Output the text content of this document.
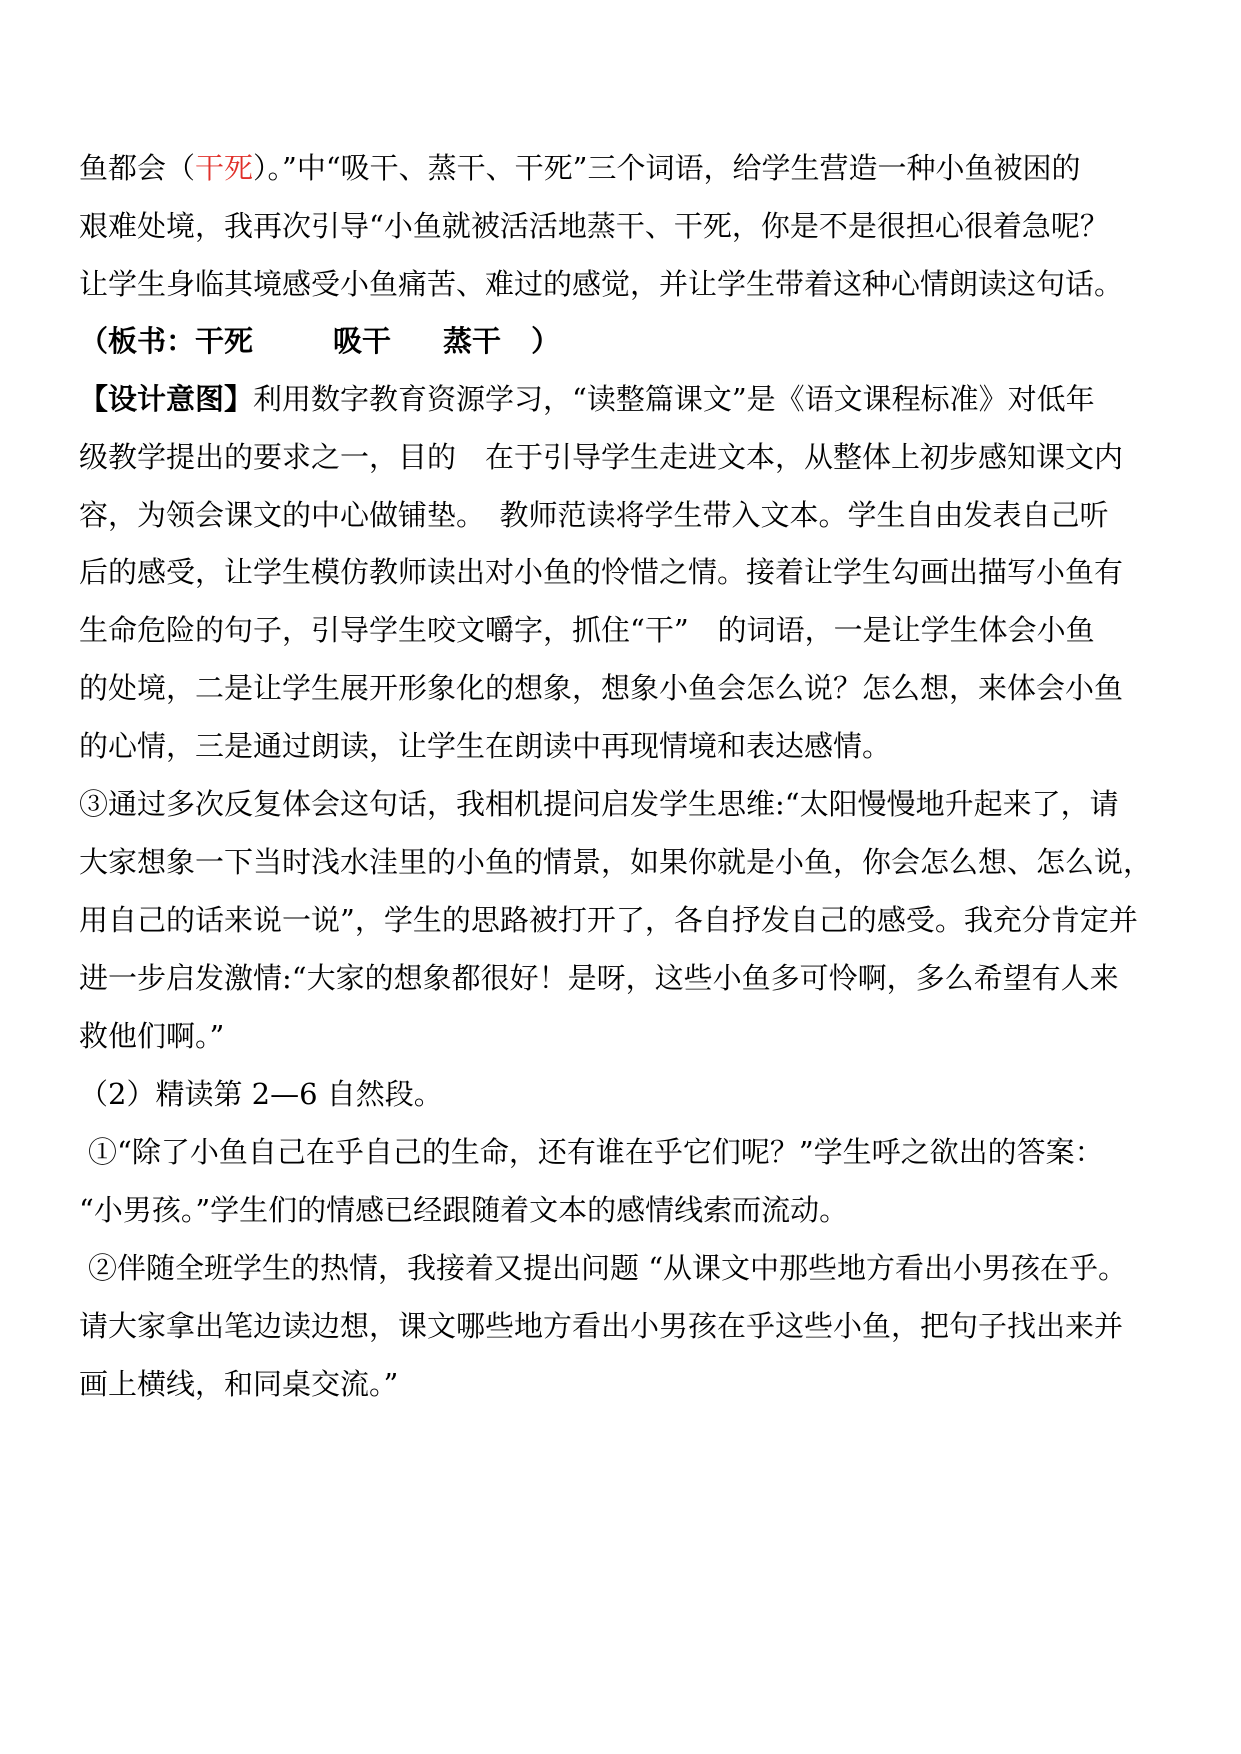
鱼都会（干死）。”中“吸干、蒸干、干死”三个词语，给学生营造一种小鱼被困的
艰难处境，我再次引导“小鱼就被活活地蒸干、干死，你是不是很担心很着急呢？
让学生身临其境感受小鱼痛苦、难过的感觉，并让学生带着这种心情朗读这句话。
（板书：干死	吸干 蒸干 ）
【设计意图】利用数字教育资源学习，“读整篇课文”是《语文课程标准》对低年
级教学提出的要求之一，目的　在于引导学生走进文本，从整体上初步感知课文内
容，为领会课文的中心做铺垫。　教师范读将学生带入文本。学生自由发表自己听
后的感受，让学生模仿教师读出对小鱼的怜惜之情。接着让学生勾画出描写小鱼有
生命危险的句子，引导学生咬文嚼字，抓住“干”　的词语，一是让学生体会小鱼
的处境，二是让学生展开形象化的想象，想象小鱼会怎么说？怎么想，来体会小鱼
的心情，三是通过朗读，让学生在朗读中再现情境和表达感情。
③通过多次反复体会这句话，我相机提问启发学生思维:“太阳慢慢地升起来了，请
大家想象一下当时浅水洼里的小鱼的情景，如果你就是小鱼，你会怎么想、怎么说，
用自己的话来说一说”，学生的思路被打开了，各自抒发自己的感受。我充分肯定并
进一步启发激情:“大家的想象都很好！是呀，这些小鱼多可怜啊，多么希望有人来
救他们啊。”
（2）精读第 2—6 自然段。
①“除了小鱼自己在乎自己的生命，还有谁在乎它们呢？”学生呼之欲出的答案：
“小男孩。”学生们的情感已经跟随着文本的感情线索而流动。
②伴随全班学生的热情，我接着又提出问题 “从课文中那些地方看出小男孩在乎。
请大家拿出笔边读边想，课文哪些地方看出小男孩在乎这些小鱼，把句子找出来并
画上横线，和同桌交流。”
